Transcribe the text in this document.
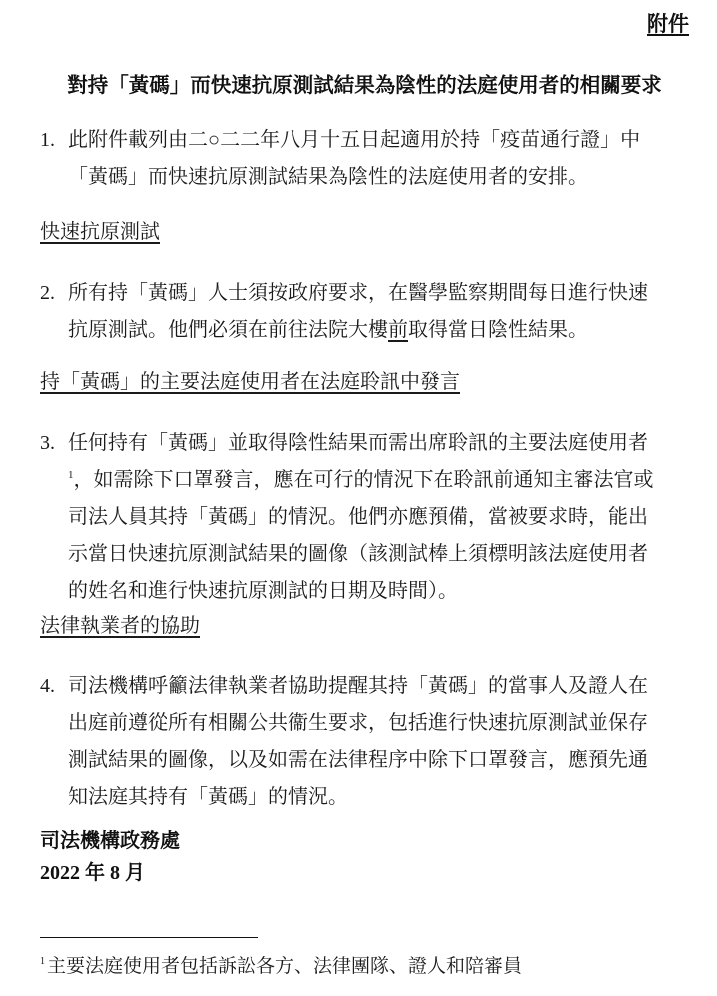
附件
對持「黃碼」而快速抗原測試結果為陰性的法庭使用者的相關要求
1. 此附件載列由二○二二年八月十五日起適用於持「疫苗通行證」中
「黃碼」而快速抗原測試結果為陰性的法庭使用者的安排。
快速抗原測試
2. 所有持「黃碼」人士須按政府要求，在醫學監察期間每日進行快速
抗原測試。他們必須在前往法院大樓前取得當日陰性結果。
持「黃碼」的主要法庭使用者在法庭聆訊中發言
3. 任何持有「黃碼」並取得陰性結果而需出席聆訊的主要法庭使用者
$^1$，如需除下口罩發言，應在可行的情況下在聆訊前通知主審法官或
司法人員其持「黃碼」的情況。他們亦應預備，當被要求時，能出
示當日快速抗原測試結果的圖像（該測試棒上須標明該法庭使用者
的姓名和進行快速抗原測試的日期及時間）。
法律執業者的協助
4. 司法機構呼籲法律執業者協助提醒其持「黃碼」的當事人及證人在
出庭前遵從所有相關公共衞生要求，包括進行快速抗原測試並保存
測試結果的圖像，以及如需在法律程序中除下口罩發言，應預先通
知法庭其持有「黃碼」的情況。
司法機構政務處
2022 年 8 月
$^1$ 主要法庭使用者包括訴訟各方、法律團隊、證人和陪審員
